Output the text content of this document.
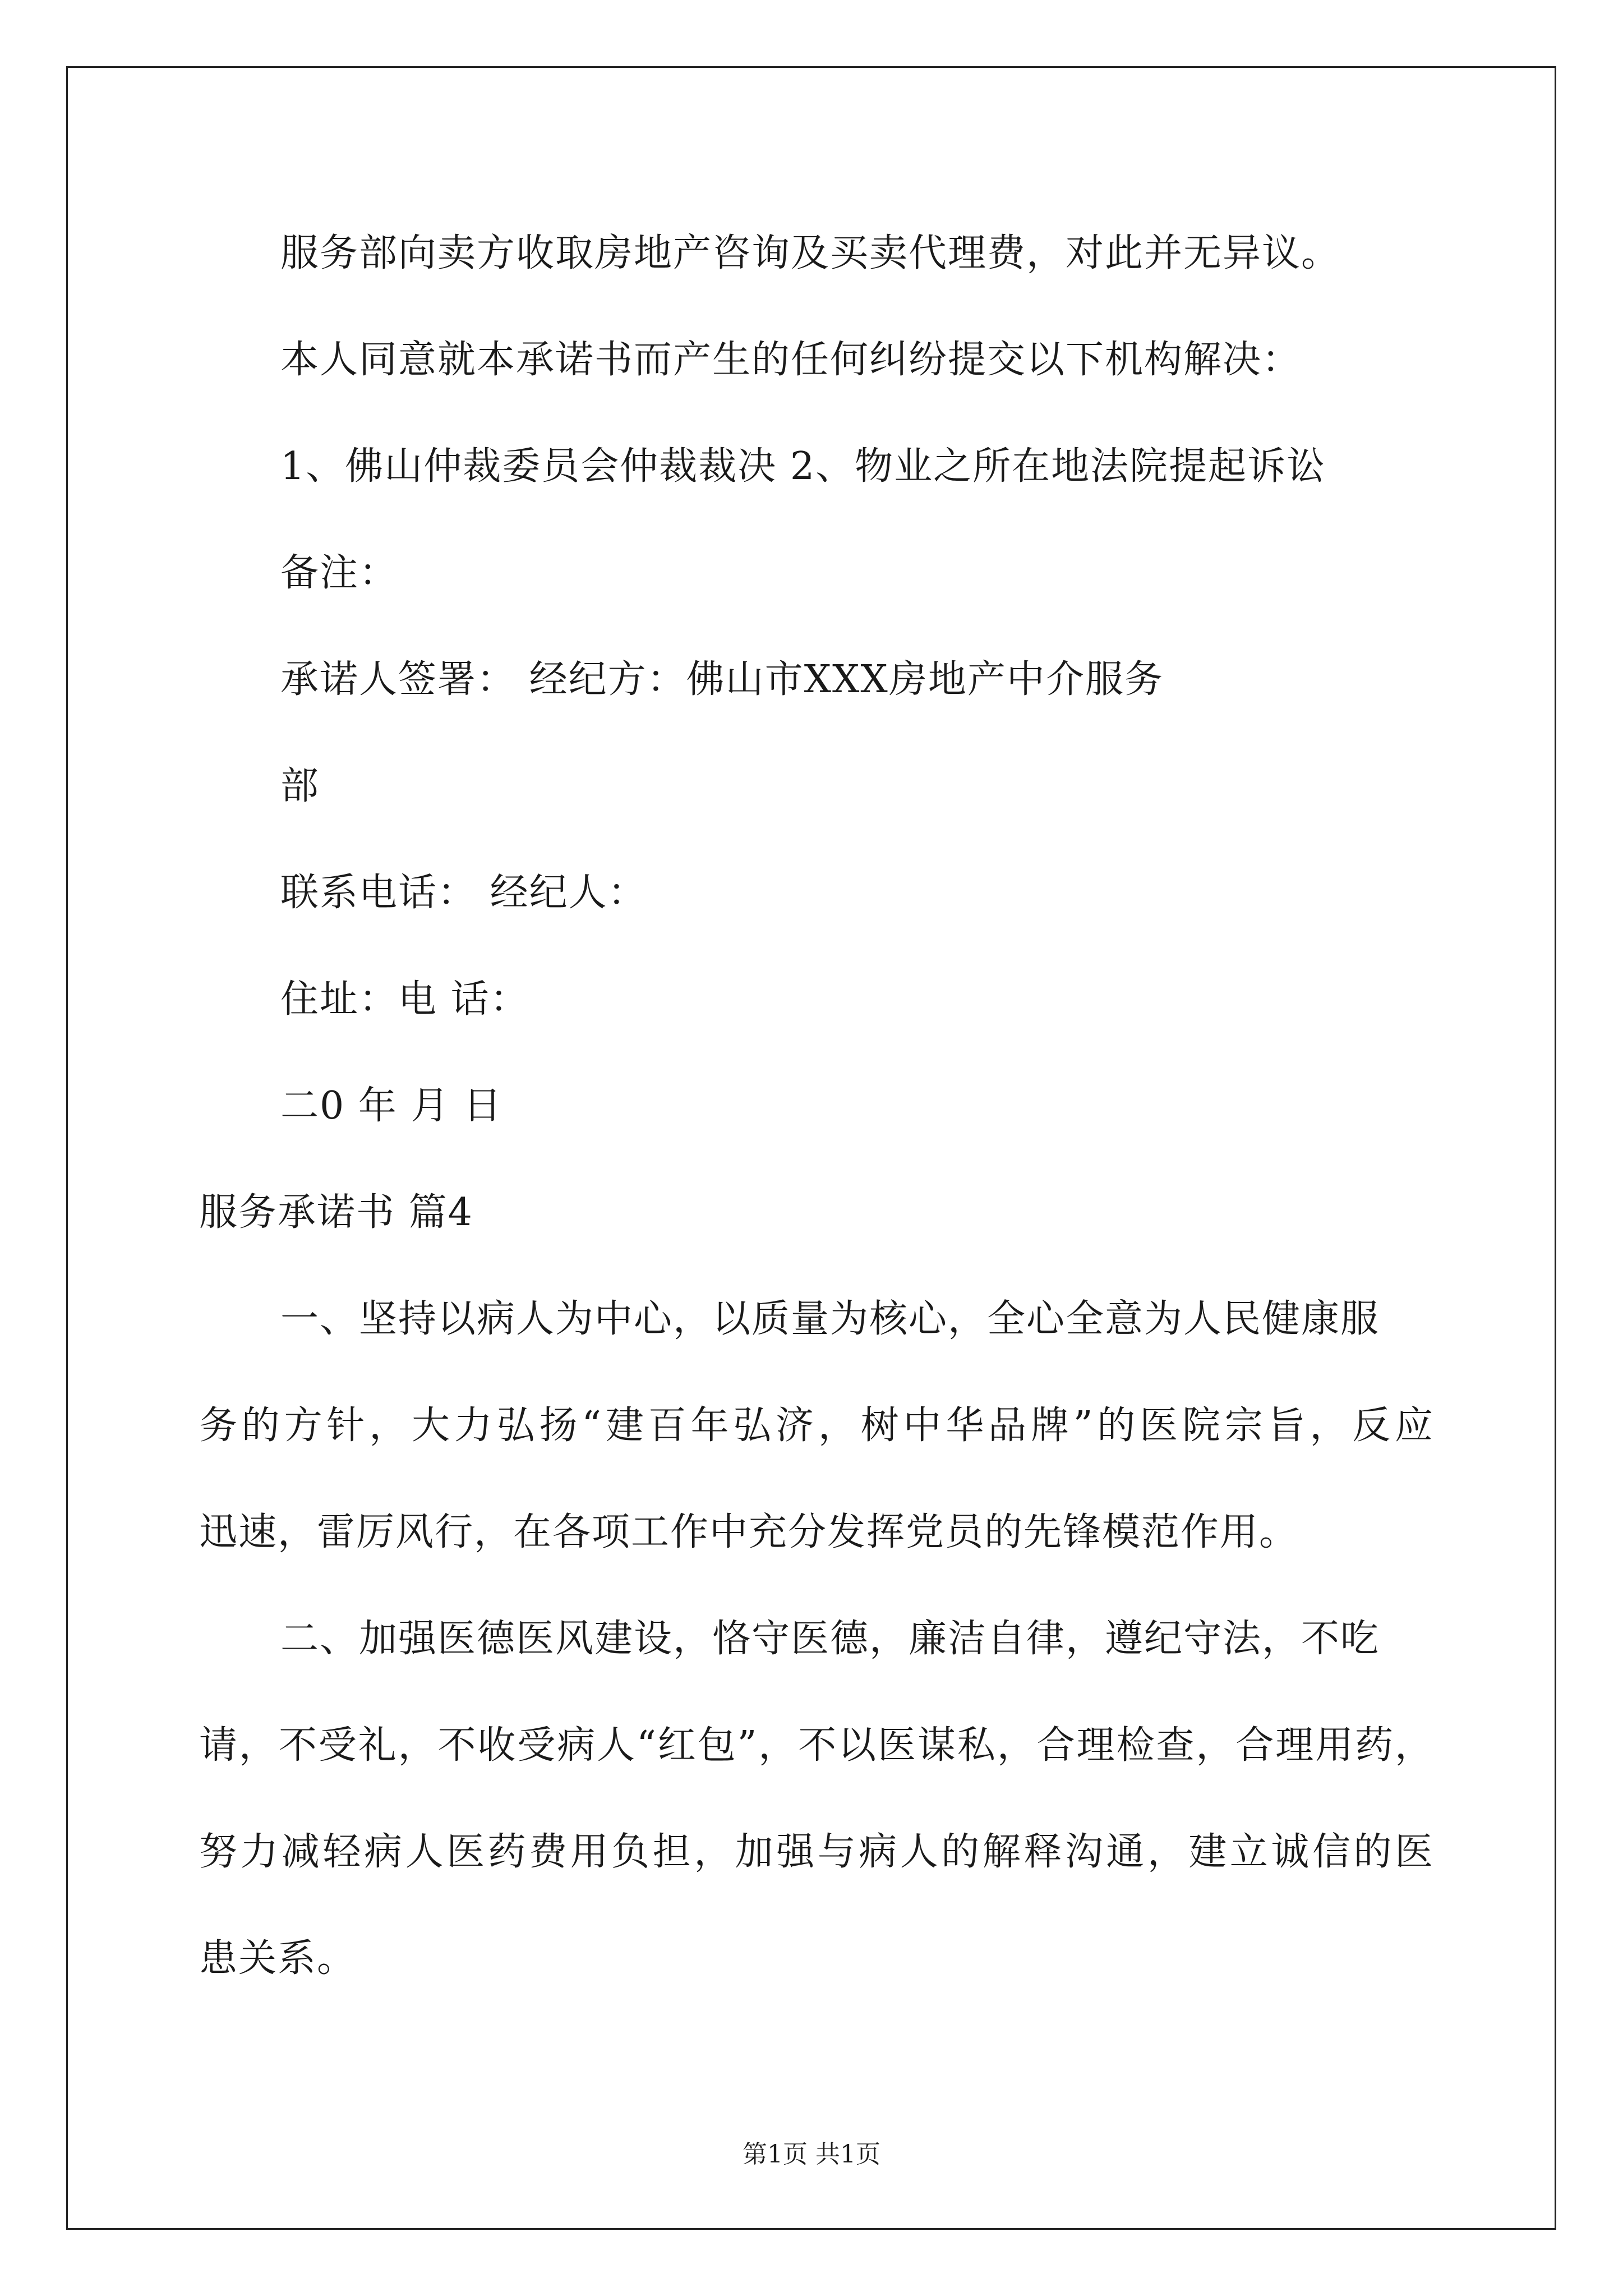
服务部向卖方收取房地产咨询及买卖代理费，对此并无异议。
本人同意就本承诺书而产生的任何纠纷提交以下机构解决：
1、佛山仲裁委员会仲裁裁决 2、物业之所在地法院提起诉讼
备注：
承诺人签署： 经纪方：佛山市XXX房地产中介服务
部
联系电话： 经纪人：
住址：电 话：
二0 年 月 日
服务承诺书 篇4
一、坚持以病人为中心，以质量为核心，全心全意为人民健康服
务的方针，大力弘扬“建百年弘济，树中华品牌”的医院宗旨，反应
迅速，雷厉风行，在各项工作中充分发挥党员的先锋模范作用。
二、加强医德医风建设，恪守医德，廉洁自律，遵纪守法，不吃
请，不受礼，不收受病人“红包”，不以医谋私，合理检查，合理用药，
努力减轻病人医药费用负担，加强与病人的解释沟通，建立诚信的医
患关系。
第1页 共1页
